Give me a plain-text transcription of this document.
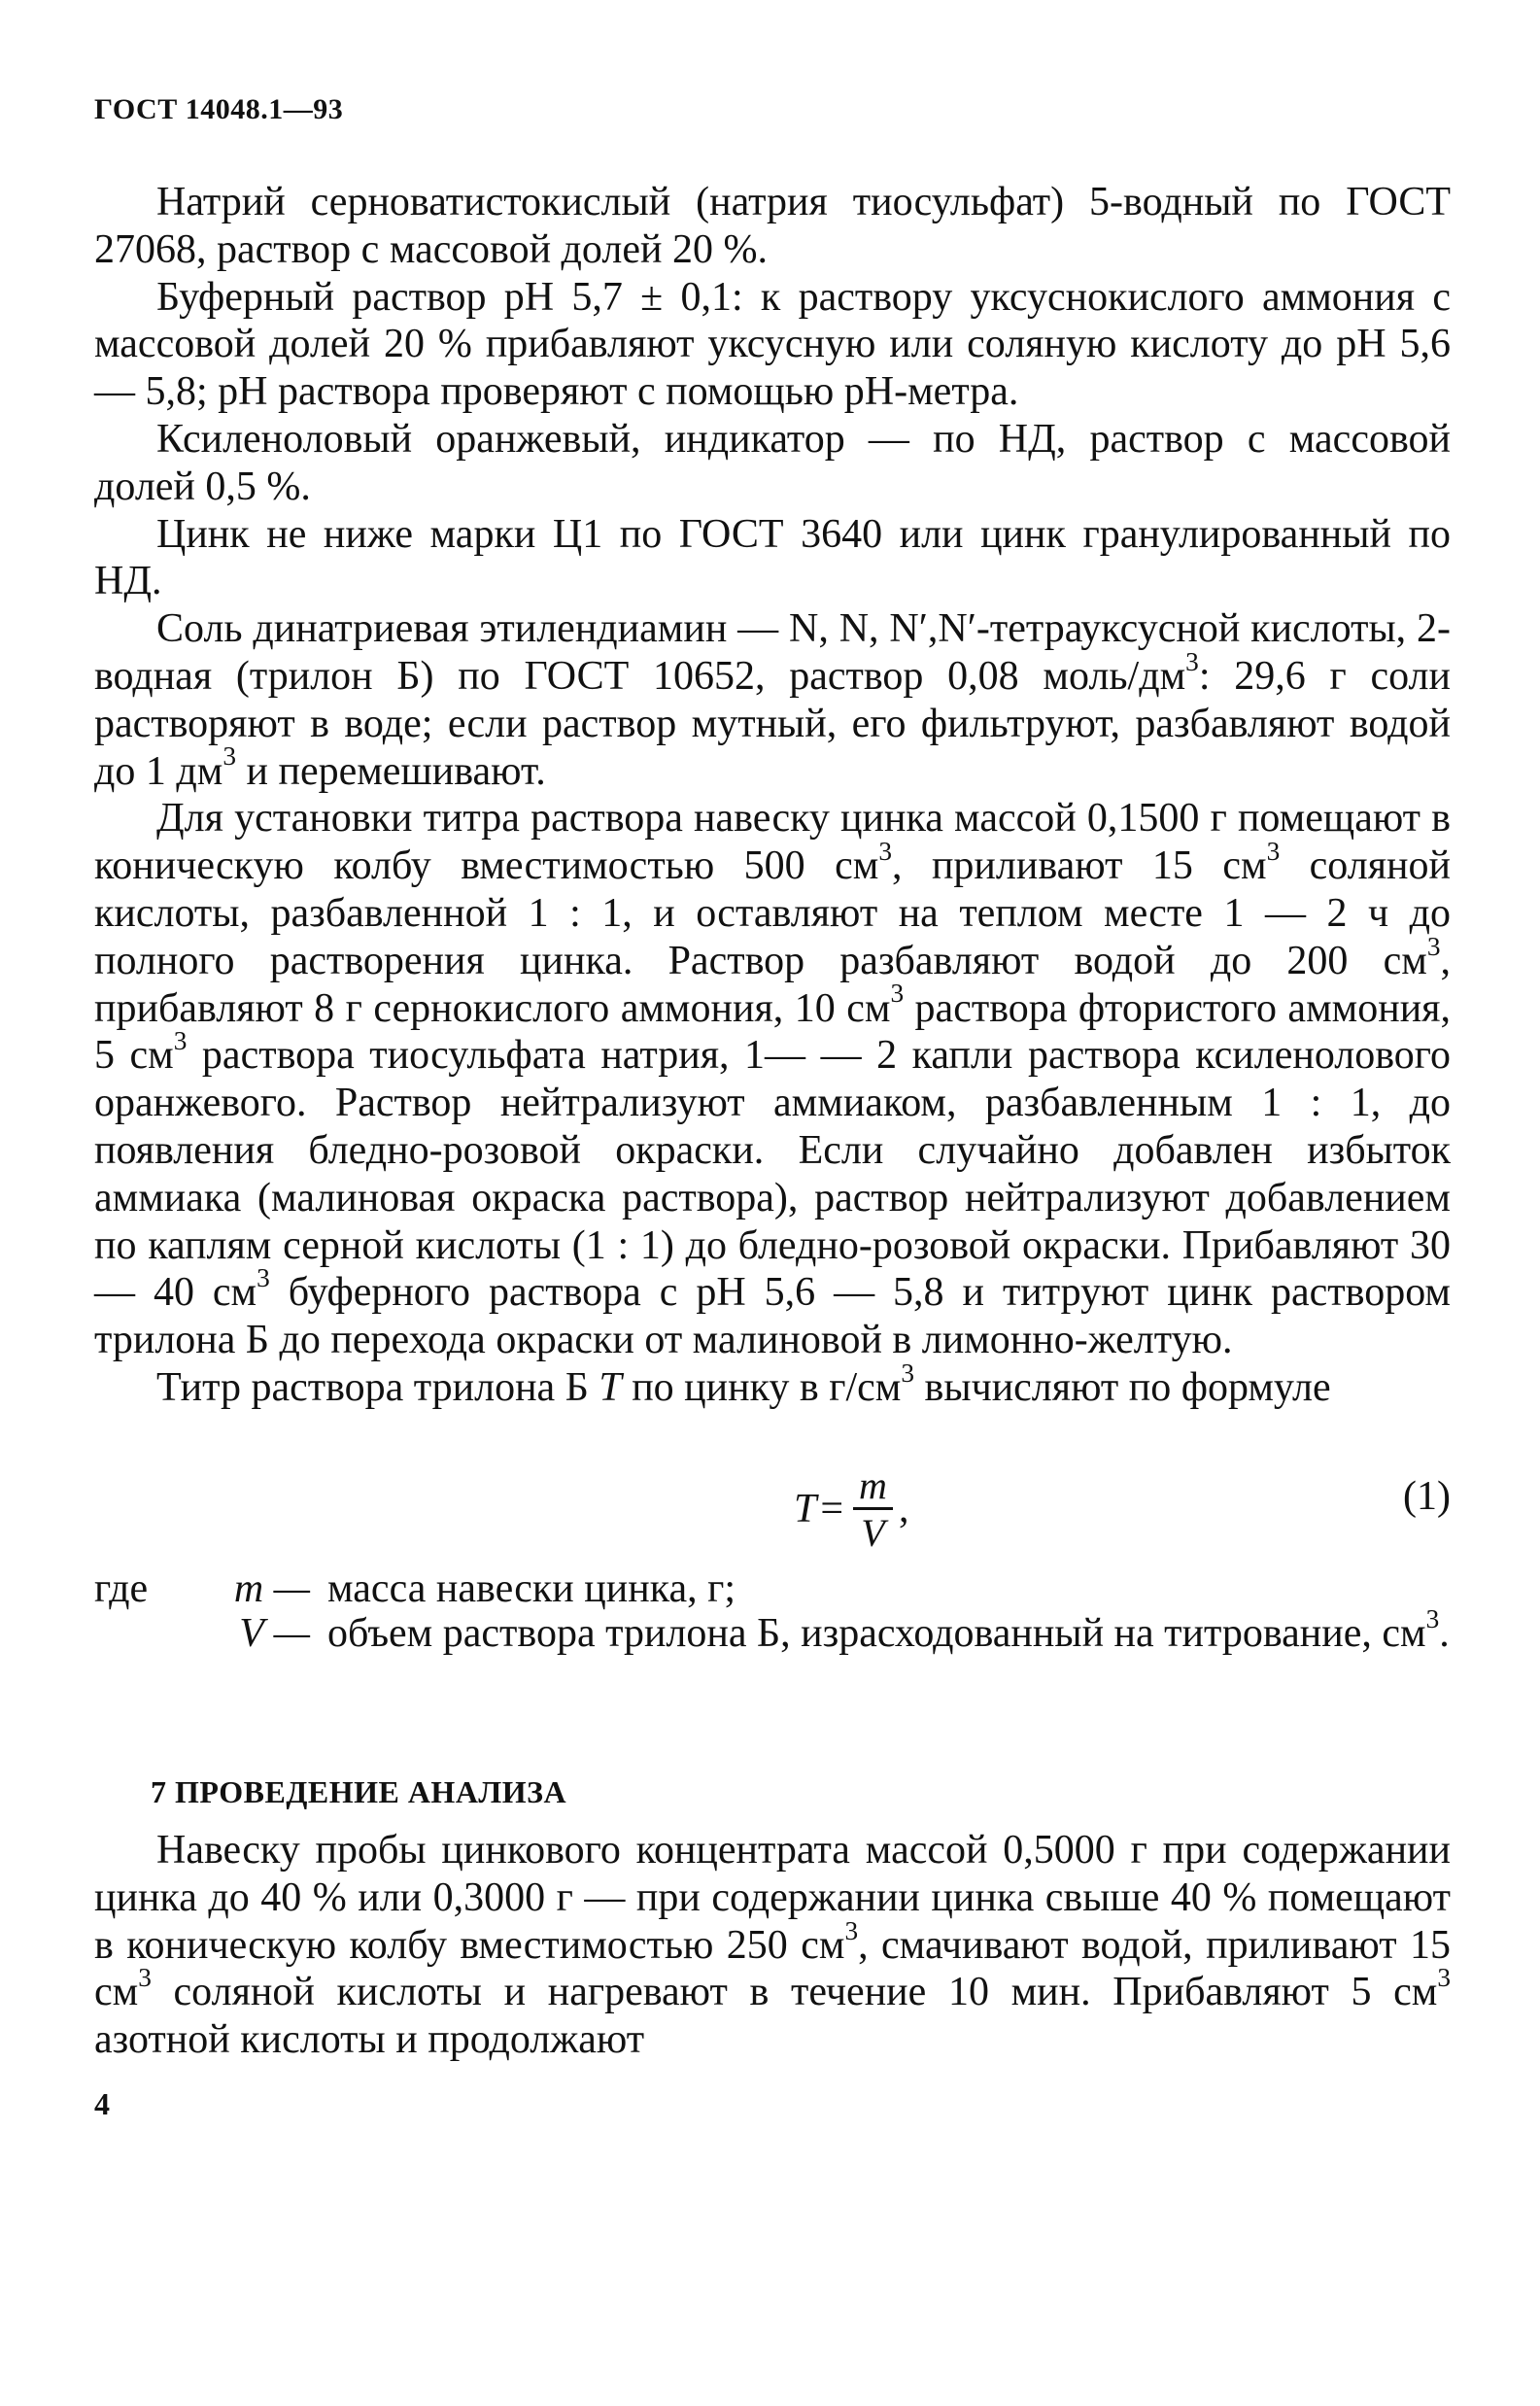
ГОСТ 14048.1—93

Натрий серноватистокислый (натрия тиосульфат) 5-водный по ГОСТ 27068, раствор с массовой долей 20 %.

Буферный раствор pH 5,7 ± 0,1: к раствору уксуснокислого аммония с массовой долей 20 % прибавляют уксусную или соляную кислоту до pH 5,6 — 5,8; pH раствора проверяют с помощью pH-метра.

Ксиленоловый оранжевый, индикатор — по НД, раствор с массовой долей 0,5 %.

Цинк не ниже марки Ц1 по ГОСТ 3640 или цинк гранулированный по НД.

Соль динатриевая этилендиамин — N, N, N′,N′-тетрауксусной кислоты, 2-водная (трилон Б) по ГОСТ 10652, раствор 0,08 моль/$дм^3$: 29,6 г соли растворяют в воде; если раствор мутный, его фильтруют, разбавляют водой до 1 $дм^3$ и перемешивают.

Для установки титра раствора навеску цинка массой 0,1500 г помещают в коническую колбу вместимостью 500 $см^3$, приливают 15 $см^3$ соляной кислоты, разбавленной 1 : 1, и оставляют на теплом месте 1 — 2 ч до полного растворения цинка. Раствор разбавляют водой до 200 $см^3$, прибавляют 8 г сернокислого аммония, 10 $см^3$ раствора фтористого аммония, 5 $см^3$ раствора тиосульфата натрия, 1— — 2 капли раствора ксиленолового оранжевого. Раствор нейтрализуют аммиаком, разбавленным 1 : 1, до появления бледно-розовой окраски. Если случайно добавлен избыток аммиака (малиновая окраска раствора), раствор нейтрализуют добавлением по каплям серной кислоты (1 : 1) до бледно-розовой окраски. Прибавляют 30 — 40 $см^3$ буферного раствора с pH 5,6 — 5,8 и титруют цинк раствором трилона Б до перехода окраски от малиновой в лимонно-желтую.

Титр раствора трилона Б T по цинку в $г/см^3$ вычисляют по формуле

$T = \frac{m}{V}$ ,	(1)
где	m — масса навески цинка, г;
V — объем раствора трилона Б, израсходованный на титрование, $см^3$.
7 ПРОВЕДЕНИЕ АНАЛИЗА

Навеску пробы цинкового концентрата массой 0,5000 г при содержании цинка до 40 % или 0,3000 г — при содержании цинка свыше 40 % помещают в коническую колбу вместимостью 250 $см^3$, смачивают водой, приливают 15 $см^3$ соляной кислоты и нагревают в течение 10 мин. Прибавляют 5 $см^3$ азотной кислоты и продолжают

4
